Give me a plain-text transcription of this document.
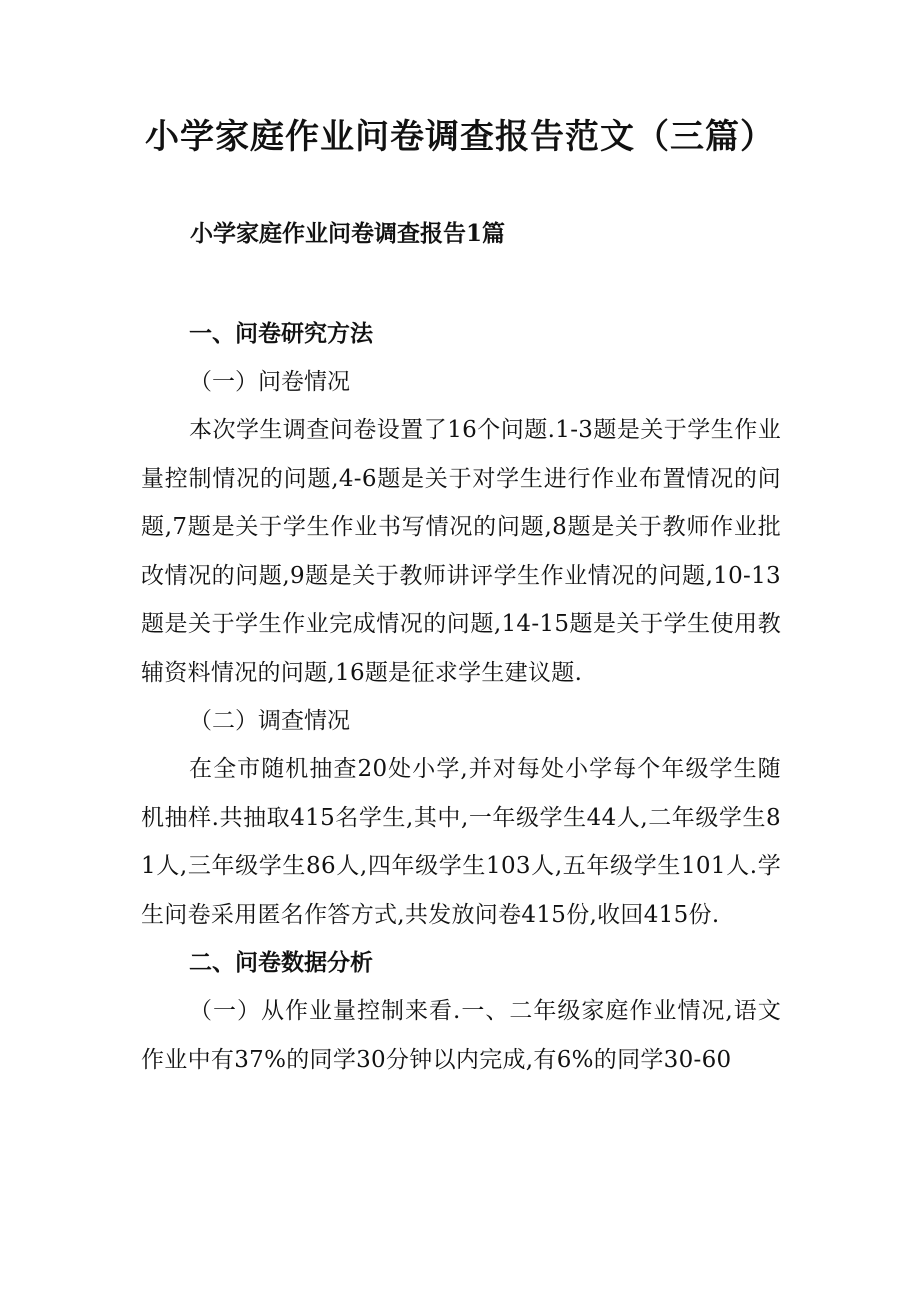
小学家庭作业问卷调查报告范文（三篇）
小学家庭作业问卷调查报告1篇
一、问卷研究方法
（一）问卷情况

本次学生调查问卷设置了16个问题.1-3题是关于学生作业量控制情况的问题,4-6题是关于对学生进行作业布置情况的问题,7题是关于学生作业书写情况的问题,8题是关于教师作业批改情况的问题,9题是关于教师讲评学生作业情况的问题,10-13题是关于学生作业完成情况的问题,14-15题是关于学生使用教辅资料情况的问题,16题是征求学生建议题.

（二）调查情况

在全市随机抽查20处小学,并对每处小学每个年级学生随机抽样.共抽取415名学生,其中,一年级学生44人,二年级学生81人,三年级学生86人,四年级学生103人,五年级学生101人.学生问卷采用匿名作答方式,共发放问卷415份,收回415份.

二、问卷数据分析

（一）从作业量控制来看.一、二年级家庭作业情况,语文作业中有37%的同学30分钟以内完成,有6%的同学30-60
